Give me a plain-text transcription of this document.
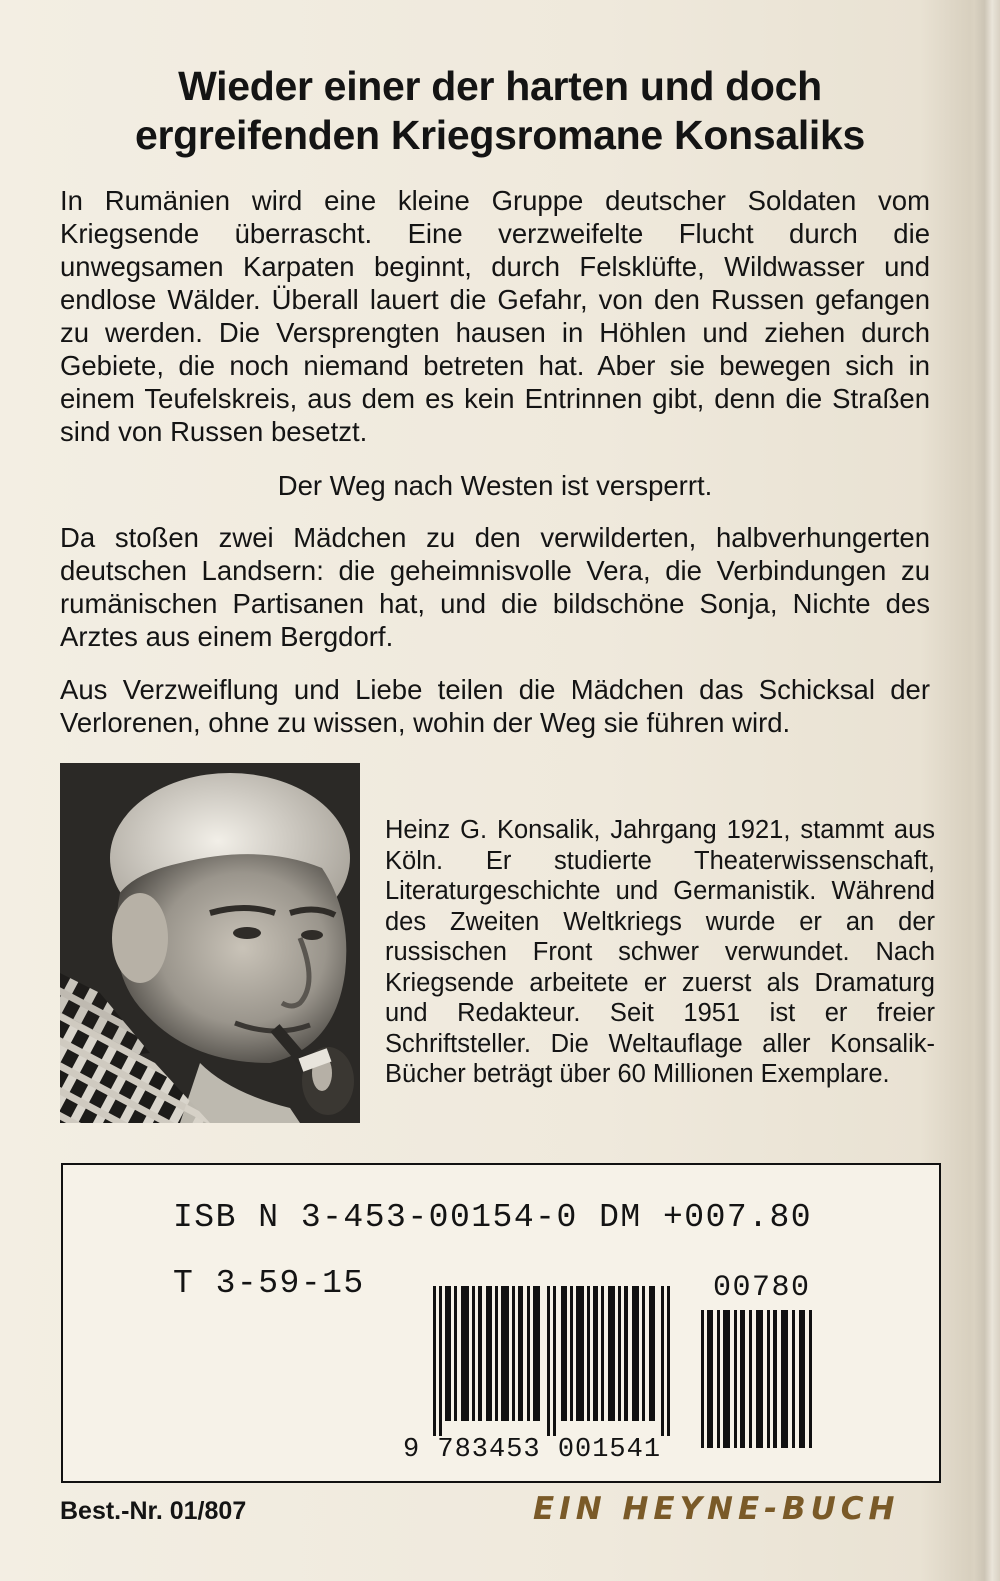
Wieder einer der harten und doch
ergreifenden Kriegsromane Konsaliks

In Rumänien wird eine kleine Gruppe deutscher Soldaten vom Kriegsende überrascht. Eine verzweifelte Flucht durch die unwegsamen Karpaten beginnt, durch Felsklüfte, Wildwasser und endlose Wälder. Überall lauert die Gefahr, von den Russen gefangen zu werden. Die Versprengten hausen in Höhlen und ziehen durch Gebiete, die noch niemand betreten hat. Aber sie bewegen sich in einem Teufelskreis, aus dem es kein Entrinnen gibt, denn die Straßen sind von Russen besetzt.

Der Weg nach Westen ist versperrt.

Da stoßen zwei Mädchen zu den verwilderten, halbverhungerten deutschen Landsern: die geheimnisvolle Vera, die Verbindungen zu rumänischen Partisanen hat, und die bildschöne Sonja, Nichte des Arztes aus einem Bergdorf.

Aus Verzweiflung und Liebe teilen die Mädchen das Schicksal der Verlorenen, ohne zu wissen, wohin der Weg sie führen wird.

Heinz G. Konsalik, Jahrgang 1921, stammt aus Köln. Er studierte Theaterwissenschaft, Literaturgeschichte und Germanistik. Während des Zweiten Weltkriegs wurde er an der russischen Front schwer verwundet. Nach Kriegsende arbeitete er zuerst als Dramaturg und Redakteur. Seit 1951 ist er freier Schriftsteller. Die Weltauflage aller Konsalik-Bücher beträgt über 60 Millionen Exemplare.

ISB N 3-453-00154-0 DM +007.80
T 3-59-15	00780
9 783453 001541
Best.-Nr. 01/807	EIN HEYNE-BUCH
